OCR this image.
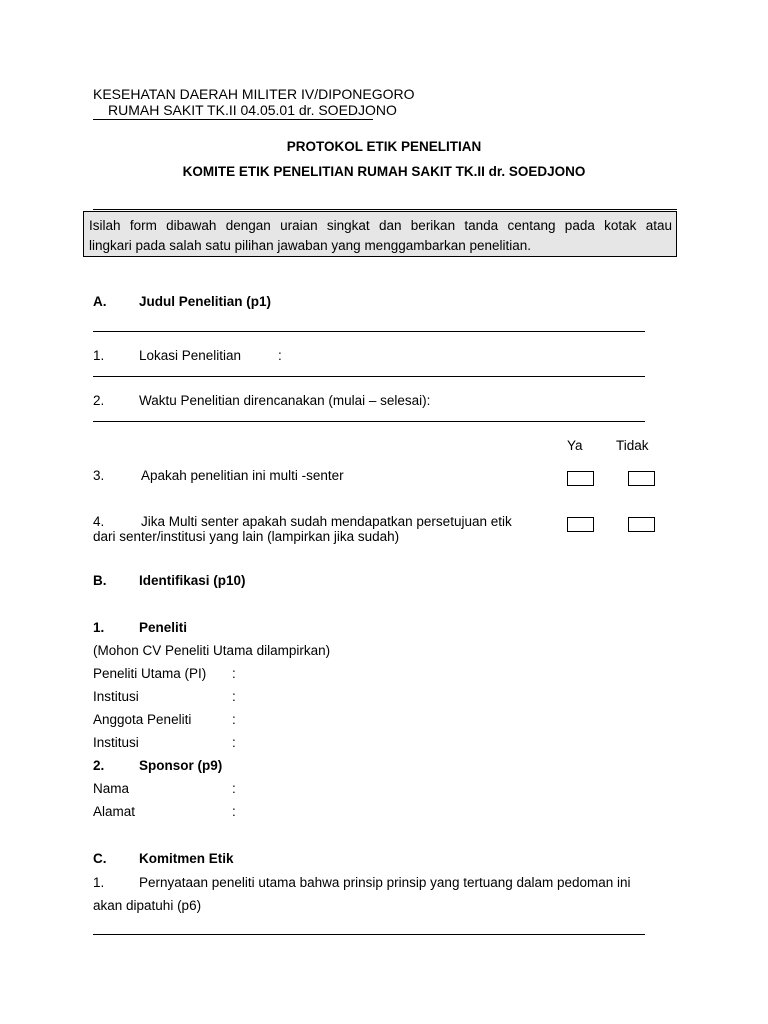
KESEHATAN DAERAH MILITER IV/DIPONEGORO
RUMAH SAKIT TK.II 04.05.01 dr. SOEDJONO
PROTOKOL ETIK PENELITIAN
KOMITE ETIK PENELITIAN RUMAH SAKIT TK.II dr. SOEDJONO
Isilah form dibawah dengan uraian singkat dan berikan tanda centang pada kotak atau
lingkari pada salah satu pilihan jawaban yang menggambarkan penelitian.
A. Judul Penelitian (p1)
1.	Lokasi Penelitian	:
2.	Waktu Penelitian direncanakan (mulai – selesai):
Ya Tidak
3.	Apakah penelitian ini multi -senter
4.	Jika Multi senter apakah sudah mendapatkan persetujuan etik
dari senter/institusi yang lain (lampirkan jika sudah)
B. Identifikasi (p10)
1.	Peneliti
(Mohon CV Peneliti Utama dilampirkan)
Peneliti Utama (PI) :
Institusi	:
Anggota Peneliti	:
Institusi	:
2.	Sponsor (p9)
Nama	:
Alamat	:
C. Komitmen Etik
1.	Pernyataan peneliti utama bahwa prinsip prinsip yang tertuang dalam pedoman ini
akan dipatuhi (p6)
